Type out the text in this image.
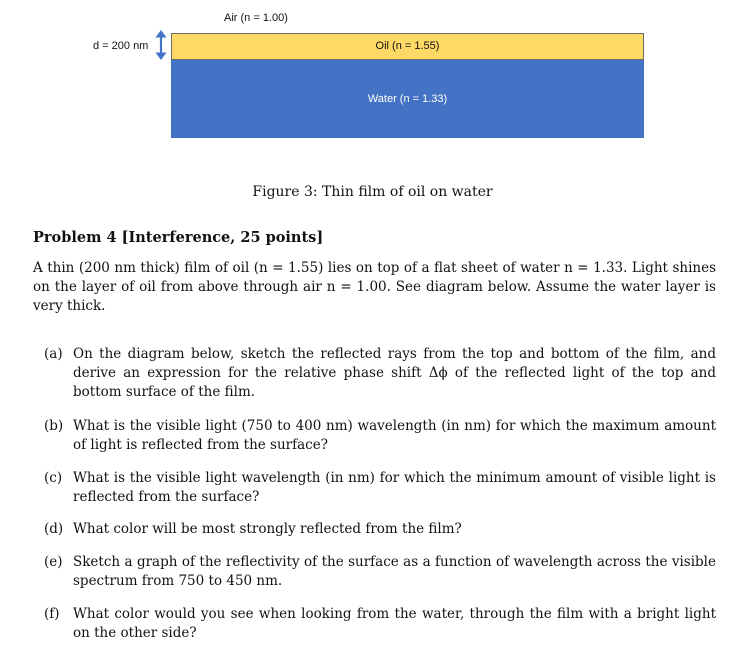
Air (n = 1.00)
d = 200 nm	Oil (n = 1.55)
Water (n = 1.33)
Figure 3: Thin film of oil on water
Problem 4 [Interference, 25 points]
A thin (200 nm thick) film of oil (n = 1.55) lies on top of a flat sheet of water n = 1.33. Light shines on the layer of oil from above through air n = 1.00. See diagram below. Assume the water layer is very thick.
(a) On the diagram below, sketch the reflected rays from the top and bottom of the film, and derive an expression for the relative phase shift Δϕ of the reflected light of the top and bottom surface of the film.
(b) What is the visible light (750 to 400 nm) wavelength (in nm) for which the maximum amount of light is reflected from the surface?
(c) What is the visible light wavelength (in nm) for which the minimum amount of visible light is reflected from the surface?
(d) What color will be most strongly reflected from the film?
(e) Sketch a graph of the reflectivity of the surface as a function of wavelength across the visible spectrum from 750 to 450 nm.
(f) What color would you see when looking from the water, through the film with a bright light on the other side?
